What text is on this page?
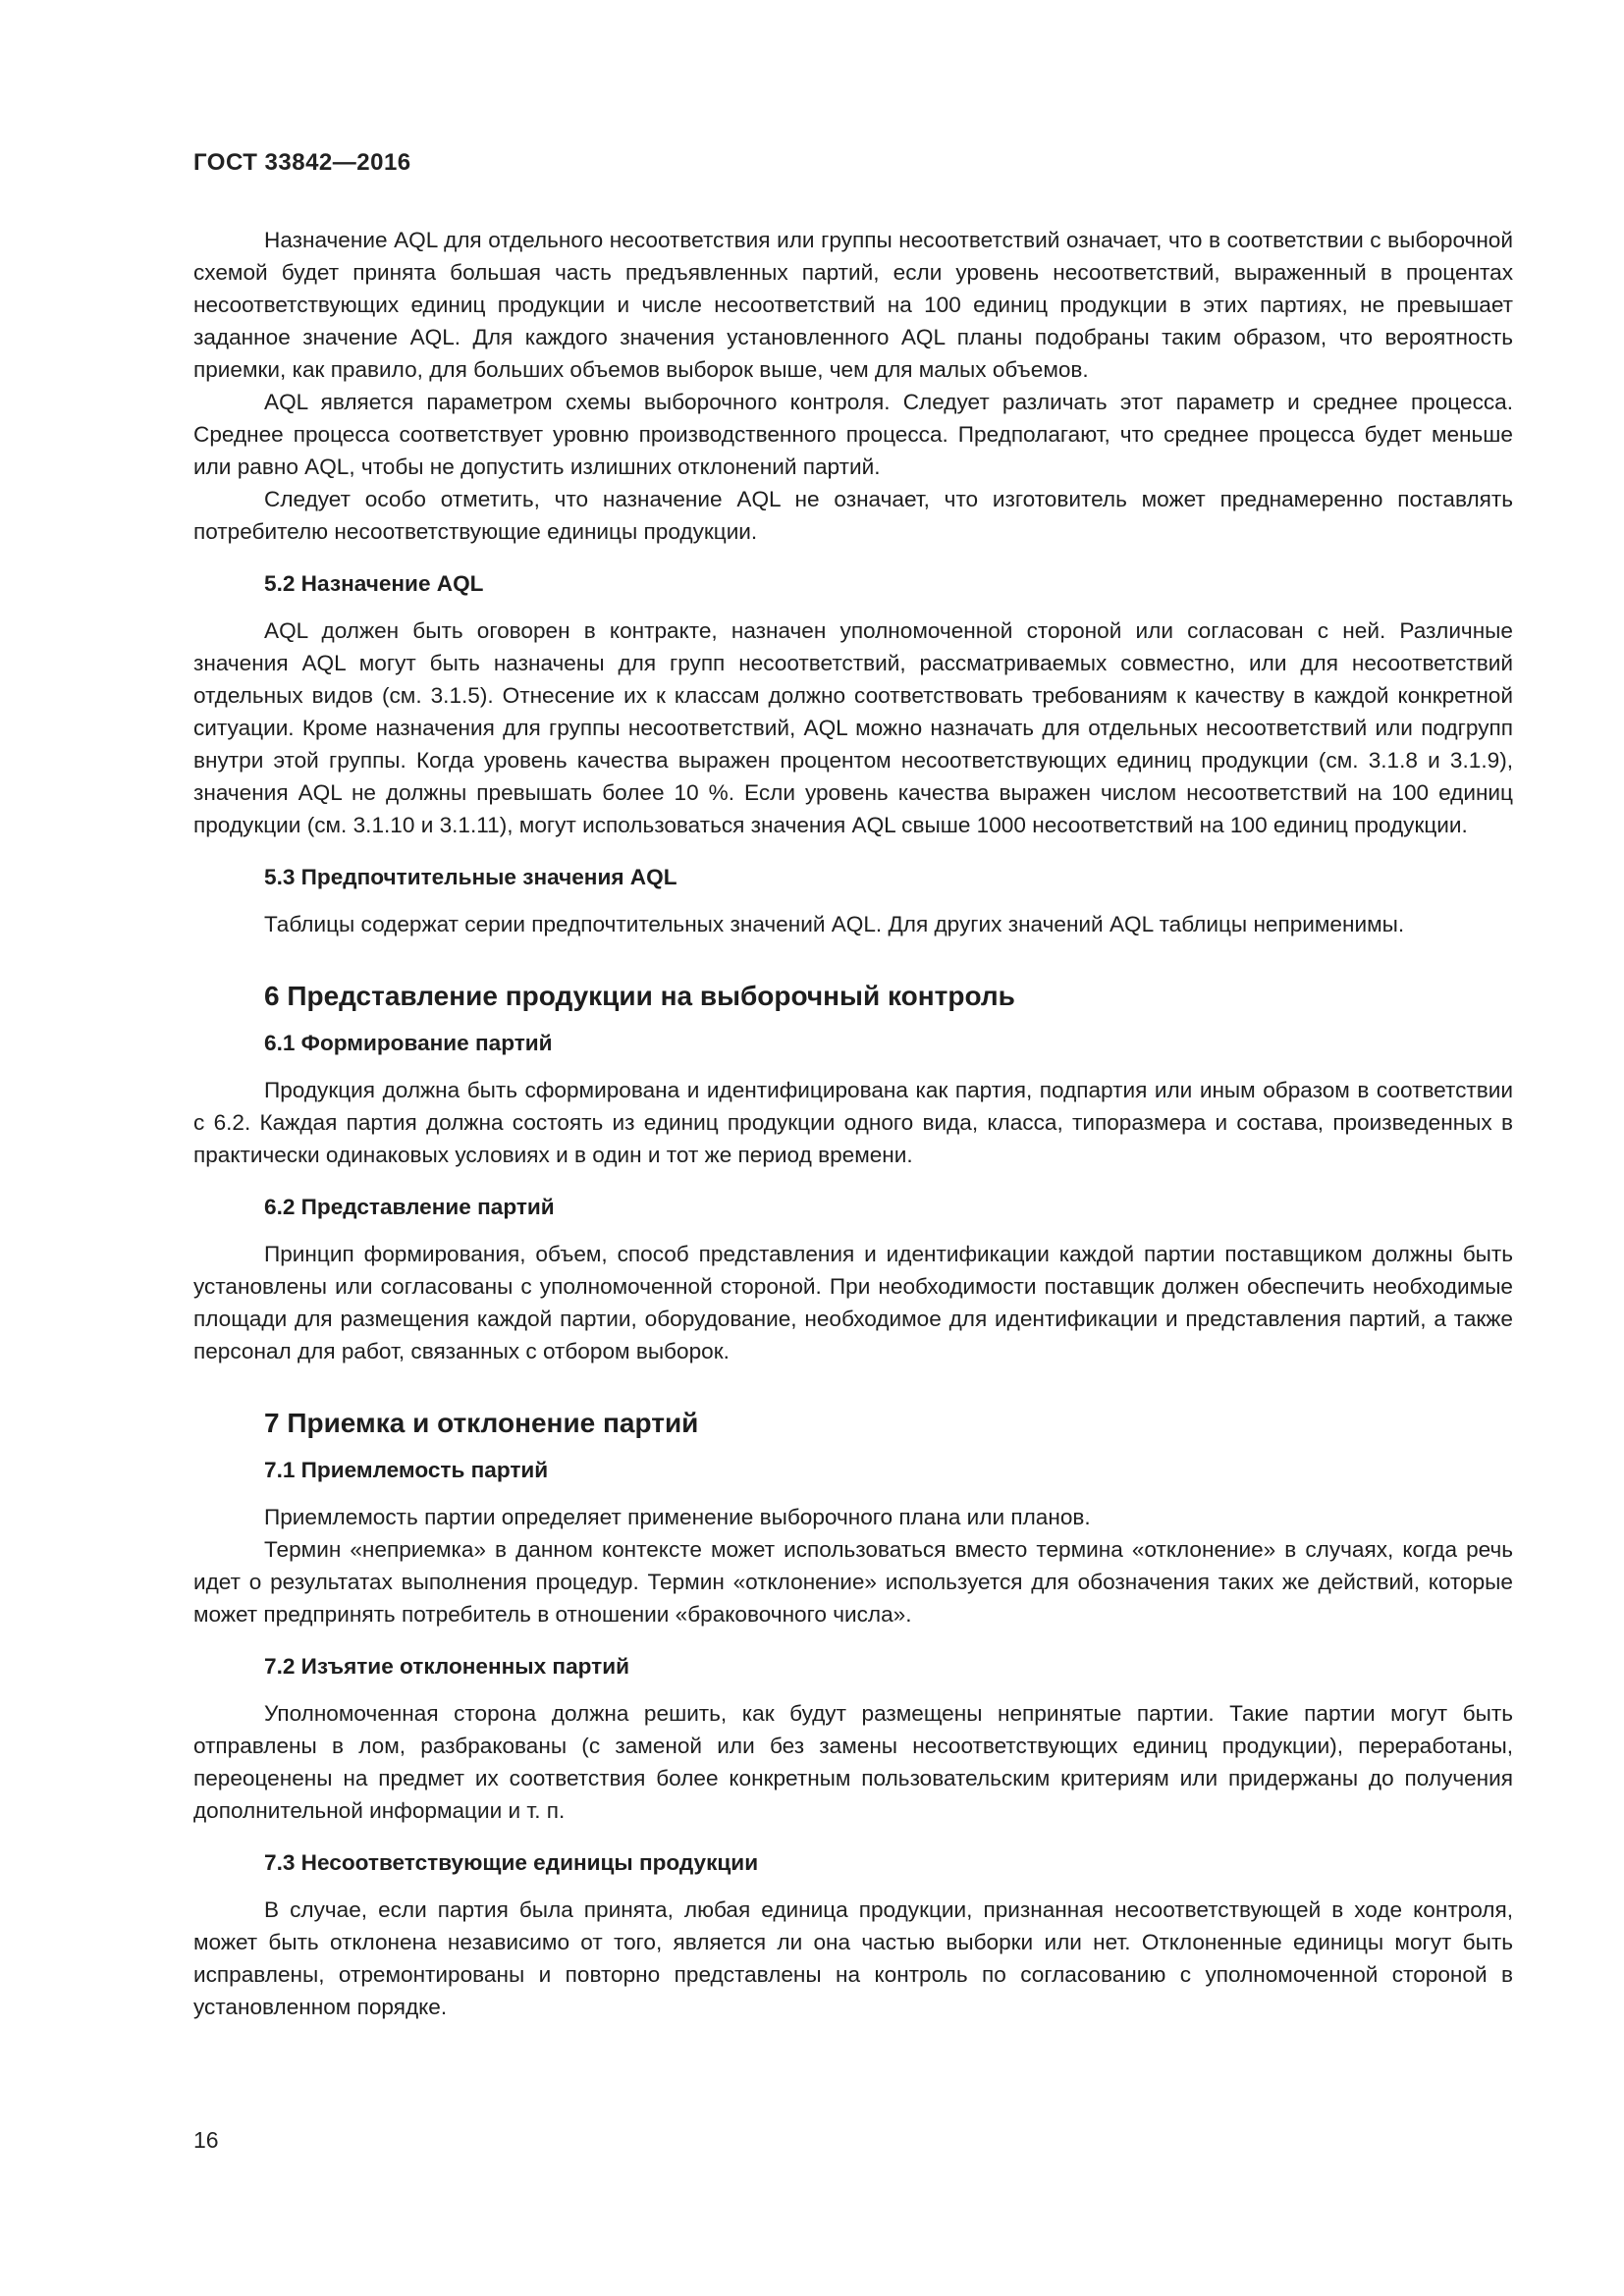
ГОСТ 33842—2016

Назначение AQL для отдельного несоответствия или группы несоответствий означает, что в соответствии с выборочной схемой будет принята большая часть предъявленных партий, если уровень несоответствий, выраженный в процентах несоответствующих единиц продукции и числе несоответствий на 100 единиц продукции в этих партиях, не превышает заданное значение AQL. Для каждого значения установленного AQL планы подобраны таким образом, что вероятность приемки, как правило, для больших объемов выборок выше, чем для малых объемов.

AQL является параметром схемы выборочного контроля. Следует различать этот параметр и среднее процесса. Среднее процесса соответствует уровню производственного процесса. Предполагают, что среднее процесса будет меньше или равно AQL, чтобы не допустить излишних отклонений партий.

Следует особо отметить, что назначение AQL не означает, что изготовитель может преднамеренно поставлять потребителю несоответствующие единицы продукции.

5.2 Назначение AQL

AQL должен быть оговорен в контракте, назначен уполномоченной стороной или согласован с ней. Различные значения AQL могут быть назначены для групп несоответствий, рассматриваемых совместно, или для несоответствий отдельных видов (см. 3.1.5). Отнесение их к классам должно соответствовать требованиям к качеству в каждой конкретной ситуации. Кроме назначения для группы несоответствий, AQL можно назначать для отдельных несоответствий или подгрупп внутри этой группы. Когда уровень качества выражен процентом несоответствующих единиц продукции (см. 3.1.8 и 3.1.9), значения AQL не должны превышать более 10 %. Если уровень качества выражен числом несоответствий на 100 единиц продукции (см. 3.1.10 и 3.1.11), могут использоваться значения AQL свыше 1000 несоответствий на 100 единиц продукции.

5.3 Предпочтительные значения AQL

Таблицы содержат серии предпочтительных значений AQL. Для других значений AQL таблицы неприменимы.

6 Представление продукции на выборочный контроль
6.1 Формирование партий

Продукция должна быть сформирована и идентифицирована как партия, подпартия или иным образом в соответствии с 6.2. Каждая партия должна состоять из единиц продукции одного вида, класса, типоразмера и состава, произведенных в практически одинаковых условиях и в один и тот же период времени.

6.2 Представление партий

Принцип формирования, объем, способ представления и идентификации каждой партии поставщиком должны быть установлены или согласованы с уполномоченной стороной. При необходимости поставщик должен обеспечить необходимые площади для размещения каждой партии, оборудование, необходимое для идентификации и представления партий, а также персонал для работ, связанных с отбором выборок.

7 Приемка и отклонение партий
7.1 Приемлемость партий

Приемлемость партии определяет применение выборочного плана или планов.

Термин «неприемка» в данном контексте может использоваться вместо термина «отклонение» в случаях, когда речь идет о результатах выполнения процедур. Термин «отклонение» используется для обозначения таких же действий, которые может предпринять потребитель в отношении «браковочного числа».

7.2 Изъятие отклоненных партий

Уполномоченная сторона должна решить, как будут размещены непринятые партии. Такие партии могут быть отправлены в лом, разбракованы (с заменой или без замены несоответствующих единиц продукции), переработаны, переоценены на предмет их соответствия более конкретным пользовательским критериям или придержаны до получения дополнительной информации и т. п.

7.3 Несоответствующие единицы продукции

В случае, если партия была принята, любая единица продукции, признанная несоответствующей в ходе контроля, может быть отклонена независимо от того, является ли она частью выборки или нет. Отклоненные единицы могут быть исправлены, отремонтированы и повторно представлены на контроль по согласованию с уполномоченной стороной в установленном порядке.

16
